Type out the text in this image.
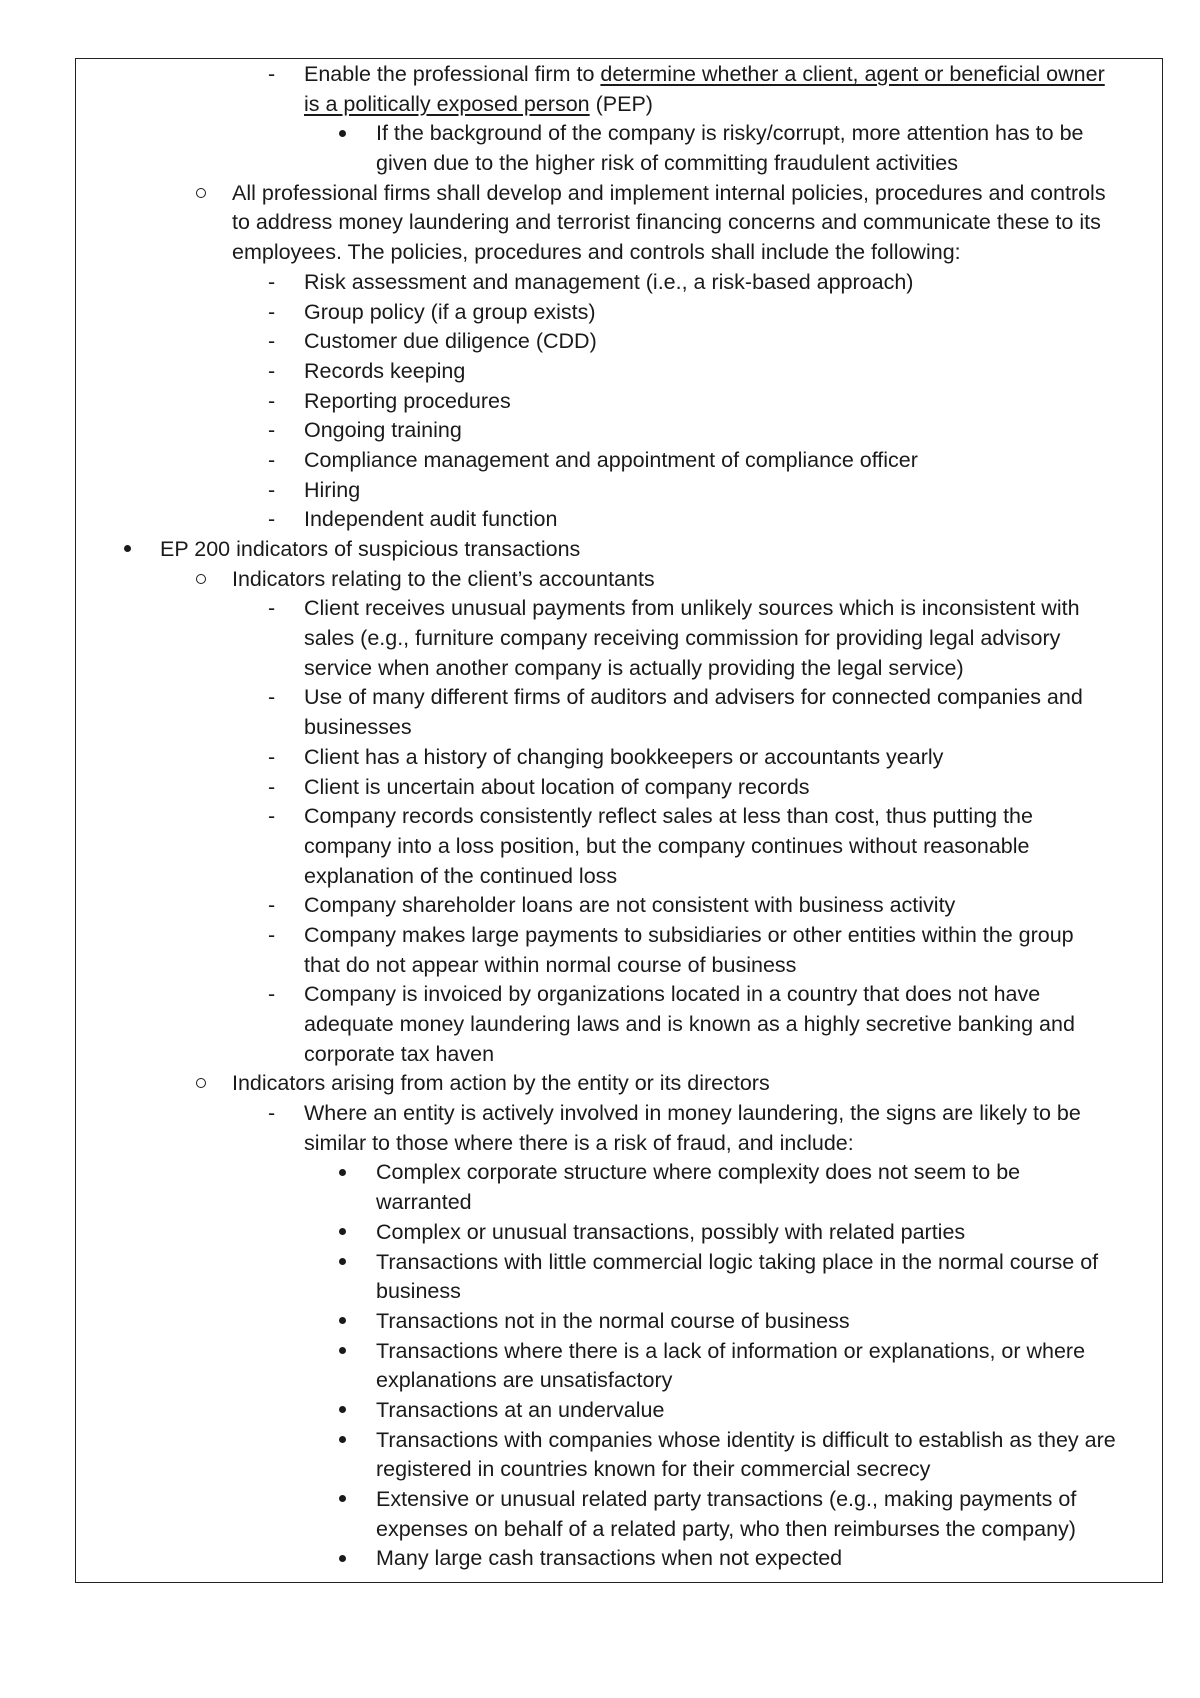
- Enable the professional firm to determine whether a client, agent or beneficial owner
is a politically exposed person (PEP)
If the background of the company is risky/corrupt, more attention has to be
given due to the higher risk of committing fraudulent activities
All professional firms shall develop and implement internal policies, procedures and controls
to address money laundering and terrorist financing concerns and communicate these to its
employees. The policies, procedures and controls shall include the following:
- Risk assessment and management (i.e., a risk-based approach)
- Group policy (if a group exists)
- Customer due diligence (CDD)
- Records keeping
- Reporting procedures
- Ongoing training
- Compliance management and appointment of compliance officer
- Hiring
- Independent audit function
EP 200 indicators of suspicious transactions
Indicators relating to the client’s accountants
- Client receives unusual payments from unlikely sources which is inconsistent with
sales (e.g., furniture company receiving commission for providing legal advisory
service when another company is actually providing the legal service)
- Use of many different firms of auditors and advisers for connected companies and
businesses
- Client has a history of changing bookkeepers or accountants yearly
- Client is uncertain about location of company records
- Company records consistently reflect sales at less than cost, thus putting the
company into a loss position, but the company continues without reasonable
explanation of the continued loss
- Company shareholder loans are not consistent with business activity
- Company makes large payments to subsidiaries or other entities within the group
that do not appear within normal course of business
- Company is invoiced by organizations located in a country that does not have
adequate money laundering laws and is known as a highly secretive banking and
corporate tax haven
Indicators arising from action by the entity or its directors
- Where an entity is actively involved in money laundering, the signs are likely to be
similar to those where there is a risk of fraud, and include:
Complex corporate structure where complexity does not seem to be
warranted
Complex or unusual transactions, possibly with related parties
Transactions with little commercial logic taking place in the normal course of
business
Transactions not in the normal course of business
Transactions where there is a lack of information or explanations, or where
explanations are unsatisfactory
Transactions at an undervalue
Transactions with companies whose identity is difficult to establish as they are
registered in countries known for their commercial secrecy
Extensive or unusual related party transactions (e.g., making payments of
expenses on behalf of a related party, who then reimburses the company)
Many large cash transactions when not expected
